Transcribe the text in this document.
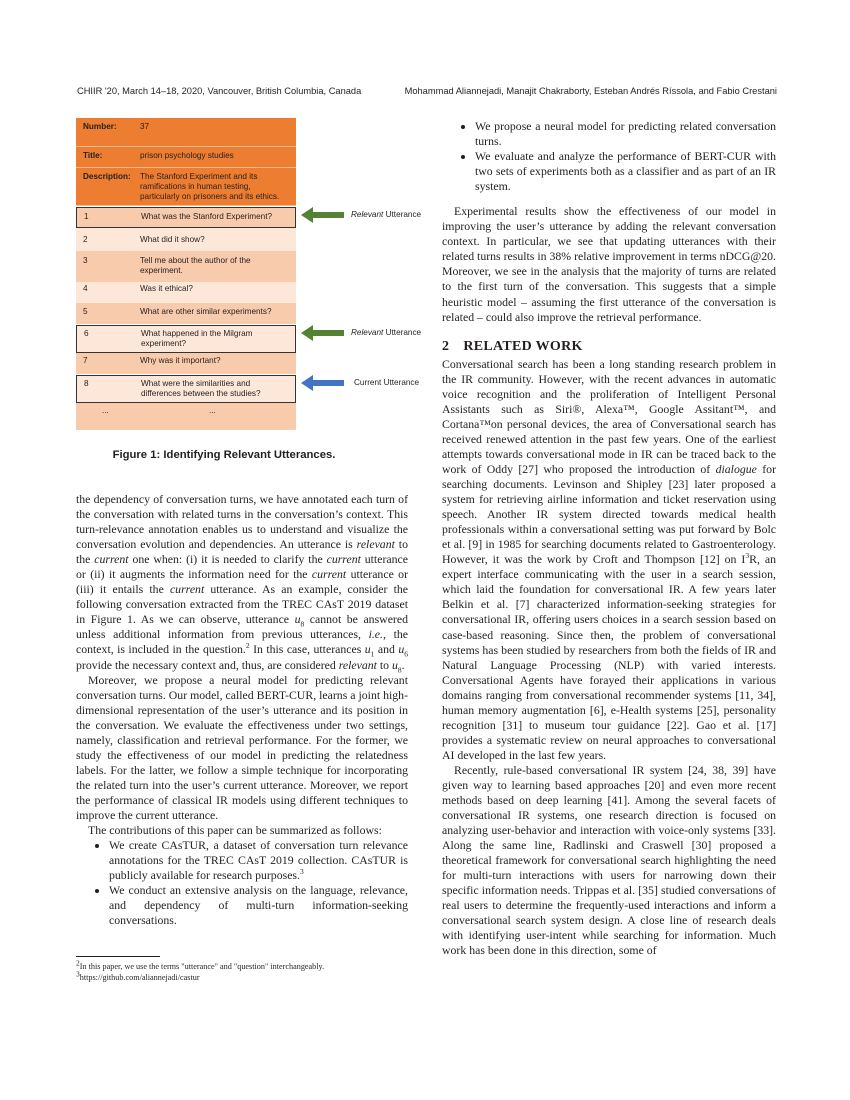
CHIIR '20, March 14–18, 2020, Vancouver, British Columbia, Canada	Mohammad Aliannejadi, Manajit Chakraborty, Esteban Andrés Ríssola, and Fabio Crestani
Number:	37
Title:	prison psychology studies
Description: The Stanford Experiment and its ramifications in human testing, particularly on prisoners and its ethics.
1	What was the Stanford Experiment?
2	What did it show?
3	Tell me about the author of the experiment.
4	Was it ethical?
5	What are other similar experiments?
6	What happened in the Milgram experiment?
7	Why was it important?
8	What were the similarities and differences between the studies?
...	...
Relevant Utterance
Relevant Utterance
Current Utterance
Figure 1: Identifying Relevant Utterances.

the dependency of conversation turns, we have annotated each turn of the conversation with related turns in the conversation’s context. This turn-relevance annotation enables us to understand and visualize the conversation evolution and dependencies. An utterance is relevant to the current one when: (i) it is needed to clarify the current utterance or (ii) it augments the information need for the current utterance or (iii) it entails the current utterance. As an example, consider the following conversation extracted from the TREC CAsT 2019 dataset in Figure 1. As we can observe, utterance $u_8$ cannot be answered unless additional information from previous utterances, i.e., the context, is included in the question.$^2$ In this case, utterances $u_1$ and $u_6$ provide the necessary context and, thus, are considered relevant to $u_8$.

Moreover, we propose a neural model for predicting relevant conversation turns. Our model, called BERT-CUR, learns a joint high-dimensional representation of the user’s utterance and its position in the conversation. We evaluate the effectiveness under two settings, namely, classification and retrieval performance. For the former, we study the effectiveness of our model in predicting the relatedness labels. For the latter, we follow a simple technique for incorporating the related turn into the user’s current utterance. Moreover, we report the performance of classical IR models using different techniques to improve the current utterance.

The contributions of this paper can be summarized as follows:

• We create CAsTUR, a dataset of conversation turn relevance annotations for the TREC CAsT 2019 collection. CAsTUR is publicly available for research purposes.$^3$
• We conduct an extensive analysis on the language, relevance, and dependency of multi-turn information-seeking conversations.
$^2$In this paper, we use the terms "utterance" and "question" interchangeably.
$^3$https://github.com/aliannejadi/castur
• We propose a neural model for predicting related conversation turns.
• We evaluate and analyze the performance of BERT-CUR with two sets of experiments both as a classifier and as part of an IR system.

Experimental results show the effectiveness of our model in improving the user’s utterance by adding the relevant conversation context. In particular, we see that updating utterances with their related turns results in 38% relative improvement in terms nDCG@20. Moreover, we see in the analysis that the majority of turns are related to the first turn of the conversation. This suggests that a simple heuristic model – assuming the first utterance of the conversation is related – could also improve the retrieval performance.

2 RELATED WORK

Conversational search has been a long standing research problem in the IR community. However, with the recent advances in automatic voice recognition and the proliferation of Intelligent Personal Assistants such as Siri®, Alexa™, Google Assitant™, and Cortana™on personal devices, the area of Conversational search has received renewed attention in the past few years. One of the earliest attempts towards conversational mode in IR can be traced back to the work of Oddy [27] who proposed the introduction of dialogue for searching documents. Levinson and Shipley [23] later proposed a system for retrieving airline information and ticket reservation using speech. Another IR system directed towards medical health professionals within a conversational setting was put forward by Bolc et al. [9] in 1985 for searching documents related to Gastroenterology. However, it was the work by Croft and Thompson [12] on $I^3R$, an expert interface communicating with the user in a search session, which laid the foundation for conversational IR. A few years later Belkin et al. [7] characterized information-seeking strategies for conversational IR, offering users choices in a search session based on case-based reasoning. Since then, the problem of conversational systems has been studied by researchers from both the fields of IR and Natural Language Processing (NLP) with varied interests. Conversational Agents have forayed their applications in various domains ranging from conversational recommender systems [11, 34], human memory augmentation [6], e-Health systems [25], personality recognition [31] to museum tour guidance [22]. Gao et al. [17] provides a systematic review on neural approaches to conversational AI developed in the last few years.

Recently, rule-based conversational IR system [24, 38, 39] have given way to learning based approaches [20] and even more recent methods based on deep learning [41]. Among the several facets of conversational IR systems, one research direction is focused on analyzing user-behavior and interaction with voice-only systems [33]. Along the same line, Radlinski and Craswell [30] proposed a theoretical framework for conversational search highlighting the need for multi-turn interactions with users for narrowing down their specific information needs. Trippas et al. [35] studied conversations of real users to determine the frequently-used interactions and inform a conversational search system design. A close line of research deals with identifying user-intent while searching for information. Much work has been done in this direction, some of
